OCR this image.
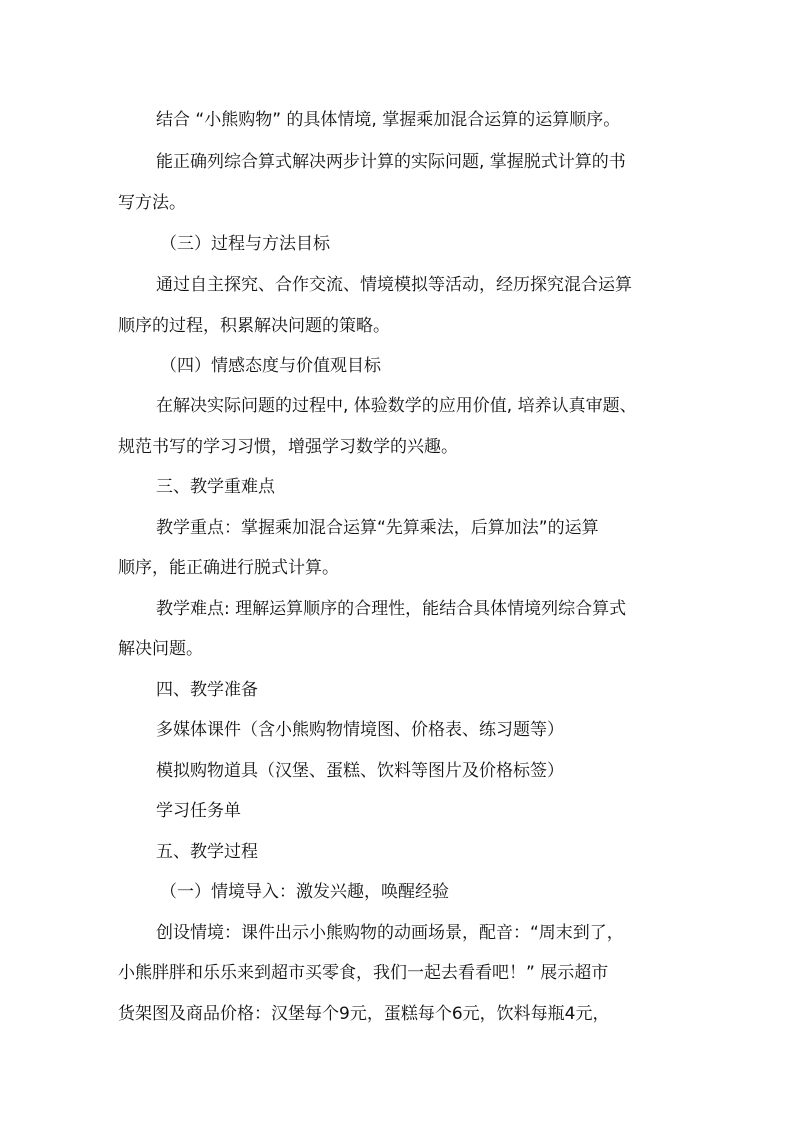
结合 “小熊购物” 的具体情境, 掌握乘加混合运算的运算顺序。
能正确列综合算式解决两步计算的实际问题, 掌握脱式计算的书
写方法。
（三）过程与方法目标
通过自主探究、合作交流、情境模拟等活动，经历探究混合运算
顺序的过程，积累解决问题的策略。
（四）情感态度与价值观目标
在解决实际问题的过程中, 体验数学的应用价值, 培养认真审题、
规范书写的学习习惯，增强学习数学的兴趣。
三、教学重难点
教学重点：掌握乘加混合运算“先算乘法，后算加法”的运算
顺序，能正确进行脱式计算。
教学难点: 理解运算顺序的合理性，能结合具体情境列综合算式
解决问题。
四、教学准备
多媒体课件（含小熊购物情境图、价格表、练习题等）
模拟购物道具（汉堡、蛋糕、饮料等图片及价格标签）
学习任务单
五、教学过程
（一）情境导入：激发兴趣，唤醒经验
创设情境：课件出示小熊购物的动画场景，配音：“周末到了，
小熊胖胖和乐乐来到超市买零食，我们一起去看看吧！” 展示超市
货架图及商品价格：汉堡每个9元，蛋糕每个6元，饮料每瓶4元，
